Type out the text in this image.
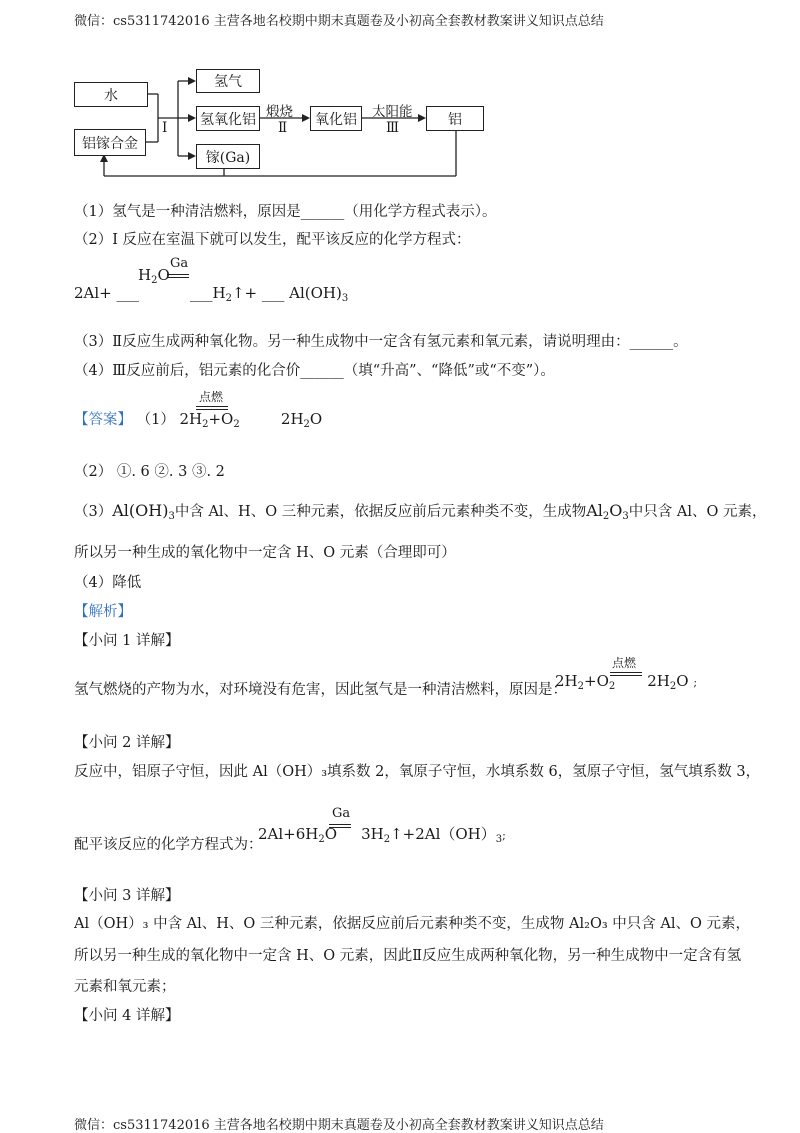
微信：cs5311742016 主营各地名校期中期末真题卷及小初高全套教材教案讲义知识点总结
水
铝镓合金
氢气
氢氧化铝
镓(Ga)
氧化铝	铝
I
煅烧
Ⅱ
太阳能
Ⅲ
（1）氢气是一种清洁燃料，原因是______（用化学方程式表示）。
（2）I 反应在室温下就可以发生，配平该反应的化学方程式：
2Al+ ___
$H_2O$
Ga
$\_\_\_H_2↑+$ ___ $Al(OH)_3$
（3）Ⅱ反应生成两种氧化物。另一种生成物中一定含有氢元素和氧元素，请说明理由：______。
（4）Ⅲ反应前后，铝元素的化合价______（填“升高”、“降低”或“不变”）。
【答案】 （1） $2H_2+O_2$	$2H_2O$
点燃
（2） ①. 6 ②. 3 ③. 2
$(3)Al(OH)_3$中含 Al、H、O 三种元素，依据反应前后元素种类不变，生成物$Al_2O_3$中只含 Al、O 元素，
所以另一种生成的氧化物中一定含 H、O 元素（合理即可）
（4）降低
【解析】
【小问 1 详解】
氢气燃烧的产物为水，对环境没有危害，因此氢气是一种清洁燃料，原因是：
$2H_2+O_2$ $2H_2O$ ;
点燃
【小问 2 详解】
反应中，铝原子守恒，因此 Al（OH）₃填系数 2，氧原子守恒，水填系数 6，氢原子守恒，氢气填系数 3，
配平该反应的化学方程式为：
$2Al+6H_2O$ $3H_2↑+2Al(OH)_3$;
Ga
【小问 3 详解】
Al（OH）₃ 中含 Al、H、O 三种元素，依据反应前后元素种类不变，生成物 Al₂O₃ 中只含 Al、O 元素，
所以另一种生成的氧化物中一定含 H、O 元素，因此Ⅱ反应生成两种氧化物，另一种生成物中一定含有氢
元素和氧元素；
【小问 4 详解】
微信：cs5311742016 主营各地名校期中期末真题卷及小初高全套教材教案讲义知识点总结
